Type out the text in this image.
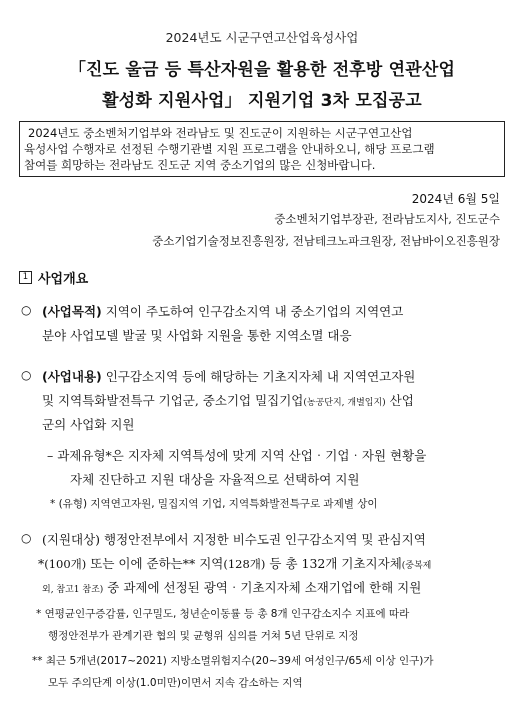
2024년도 시군구연고산업육성사업
「진도 울금 등 특산자원을 활용한 전후방 연관산업
활성화 지원사업」 지원기업 3차 모집공고
2024년도 중소벤처기업부와 전라남도 및 진도군이 지원하는 시군구연고산업
육성사업 수행자로 선정된 수행기관별 지원 프로그램을 안내하오니, 해당 프로그램
참여를 희망하는 전라남도 진도군 지역 중소기업의 많은 신청바랍니다.
2024년 6월 5일
중소벤처기업부장관, 전라남도지사, 진도군수
중소기업기술정보진흥원장, 전남테크노파크원장, 전남바이오진흥원장
1 사업개요
○ (사업목적) 지역이 주도하여 인구감소지역 내 중소기업의 지역연고
분야 사업모델 발굴 및 사업화 지원을 통한 지역소멸 대응
○ (사업내용) 인구감소지역 등에 해당하는 기초지자체 내 지역연고자원
및 지역특화발전특구 기업군, 중소기업 밀집기업(농공단지, 개별입지) 산업
군의 사업화 지원
– 과제유형*은 지자체 지역특성에 맞게 지역 산업‧기업‧자원 현황을
자체 진단하고 지원 대상을 자율적으로 선택하여 지원
* (유형) 지역연고자원, 밀집지역 기업, 지역특화발전특구로 과제별 상이
○ (지원대상) 행정안전부에서 지정한 비수도권 인구감소지역 및 관심지역
*(100개) 또는 이에 준하는** 지역(128개) 등 총 132개 기초지자체(중복제
외, 참고1 참조) 중 과제에 선정된 광역‧기초지자체 소재기업에 한해 지원
* 연평균인구증감률, 인구밀도, 청년순이동률 등 총 8개 인구감소지수 지표에 따라
행정안전부가 관계기관 협의 및 균형위 심의를 거쳐 5년 단위로 지정
** 최근 5개년(2017~2021) 지방소멸위험지수(20~39세 여성인구/65세 이상 인구)가
모두 주의단계 이상(1.0미만)이면서 지속 감소하는 지역
